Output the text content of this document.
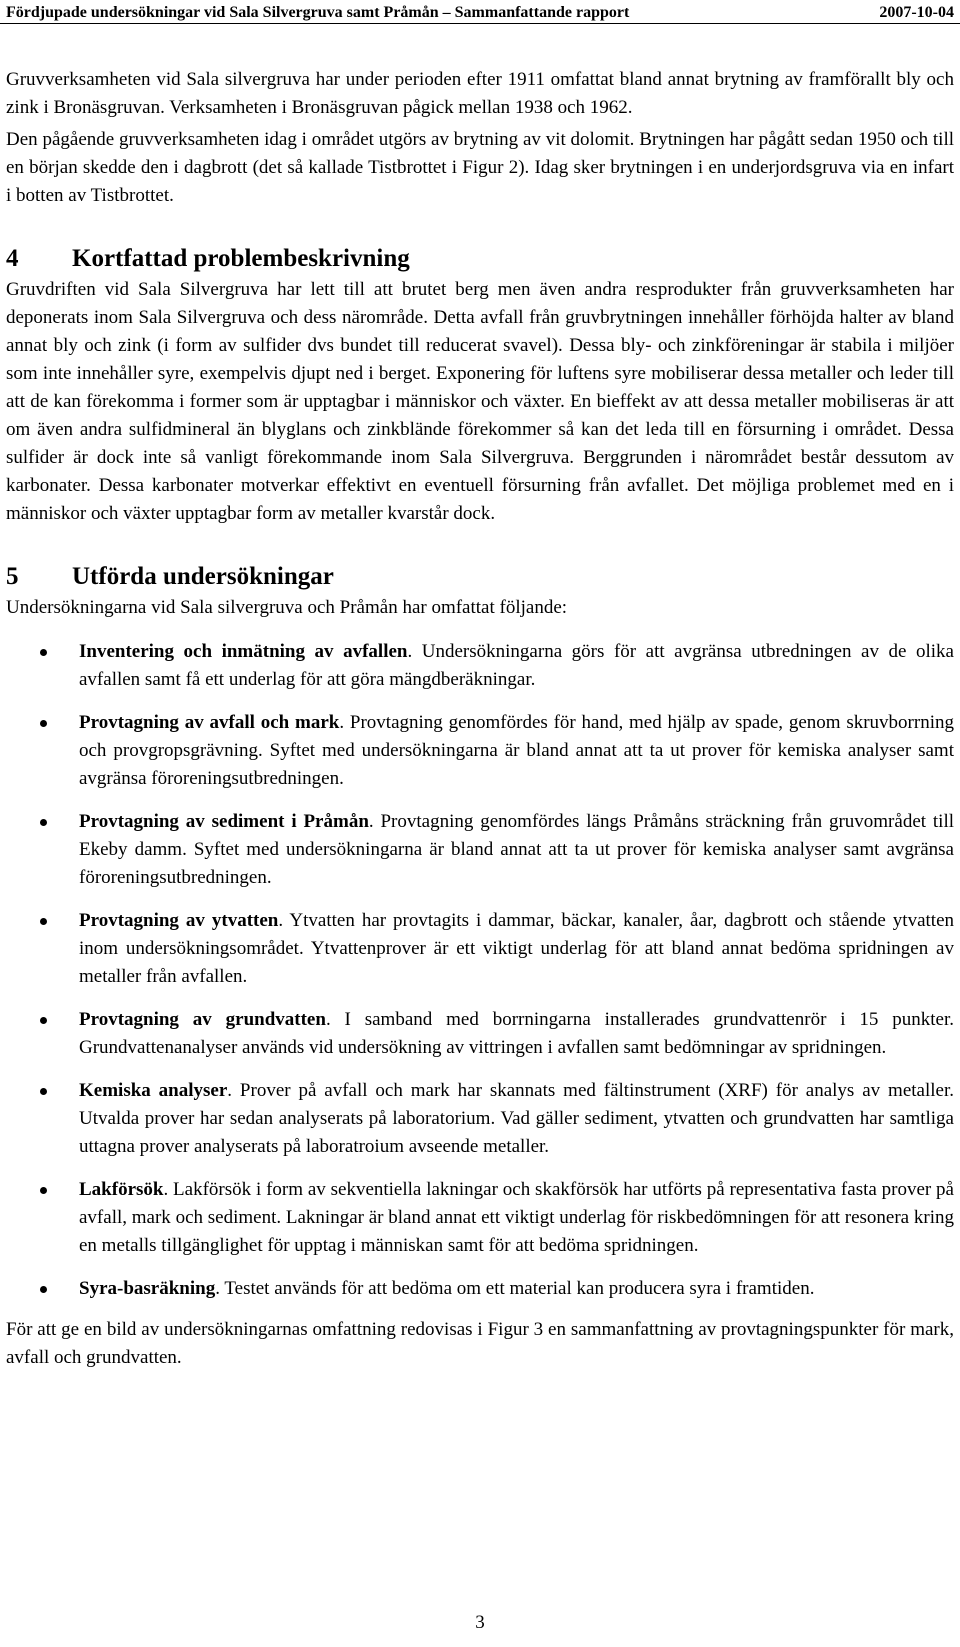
Fördjupade undersökningar vid Sala Silvergruva samt Pråmån – Sammanfattande rapport	2007-10-04

Gruvverksamheten vid Sala silvergruva har under perioden efter 1911 omfattat bland annat brytning av framförallt bly och zink i Bronäsgruvan. Verksamheten i Bronäsgruvan pågick mellan 1938 och 1962.

Den pågående gruvverksamheten idag i området utgörs av brytning av vit dolomit. Brytningen har pågått sedan 1950 och till en början skedde den i dagbrott (det så kallade Tistbrottet i Figur 2). Idag sker brytningen i en underjordsgruva via en infart i botten av Tistbrottet.

4	Kortfattad problembeskrivning

Gruvdriften vid Sala Silvergruva har lett till att brutet berg men även andra resprodukter från gruvverksamheten har deponerats inom Sala Silvergruva och dess närområde. Detta avfall från gruvbrytningen innehåller förhöjda halter av bland annat bly och zink (i form av sulfider dvs bundet till reducerat svavel). Dessa bly- och zinkföreningar är stabila i miljöer som inte innehåller syre, exempelvis djupt ned i berget. Exponering för luftens syre mobiliserar dessa metaller och leder till att de kan förekomma i former som är upptagbar i människor och växter. En bieffekt av att dessa metaller mobiliseras är att om även andra sulfidmineral än blyglans och zinkblände förekommer så kan det leda till en försurning i området. Dessa sulfider är dock inte så vanligt förekommande inom Sala Silvergruva. Berggrunden i närområdet består dessutom av karbonater. Dessa karbonater motverkar effektivt en eventuell försurning från avfallet. Det möjliga problemet med en i människor och växter upptagbar form av metaller kvarstår dock.

5	Utförda undersökningar

Undersökningarna vid Sala silvergruva och Pråmån har omfattat följande:

Inventering och inmätning av avfallen. Undersökningarna görs för att avgränsa utbredningen av de olika avfallen samt få ett underlag för att göra mängdberäkningar.
Provtagning av avfall och mark. Provtagning genomfördes för hand, med hjälp av spade, genom skruvborrning och provgropsgrävning. Syftet med undersökningarna är bland annat att ta ut prover för kemiska analyser samt avgränsa föroreningsutbredningen.
Provtagning av sediment i Pråmån. Provtagning genomfördes längs Pråmåns sträckning från gruvområdet till Ekeby damm. Syftet med undersökningarna är bland annat att ta ut prover för kemiska analyser samt avgränsa föroreningsutbredningen.
Provtagning av ytvatten. Ytvatten har provtagits i dammar, bäckar, kanaler, åar, dagbrott och stående ytvatten inom undersökningsområdet. Ytvattenprover är ett viktigt underlag för att bland annat bedöma spridningen av metaller från avfallen.
Provtagning av grundvatten. I samband med borrningarna installerades grundvattenrör i 15 punkter. Grundvattenanalyser används vid undersökning av vittringen i avfallen samt bedömningar av spridningen.
Kemiska analyser. Prover på avfall och mark har skannats med fältinstrument (XRF) för analys av metaller. Utvalda prover har sedan analyserats på laboratorium. Vad gäller sediment, ytvatten och grundvatten har samtliga uttagna prover analyserats på laboratroium avseende metaller.
Lakförsök. Lakförsök i form av sekventiella lakningar och skakförsök har utförts på representativa fasta prover på avfall, mark och sediment. Lakningar är bland annat ett viktigt underlag för riskbedömningen för att resonera kring en metalls tillgänglighet för upptag i människan samt för att bedöma spridningen.
Syra-basräkning. Testet används för att bedöma om ett material kan producera syra i framtiden.

För att ge en bild av undersökningarnas omfattning redovisas i Figur 3 en sammanfattning av provtagningspunkter för mark, avfall och grundvatten.

3
